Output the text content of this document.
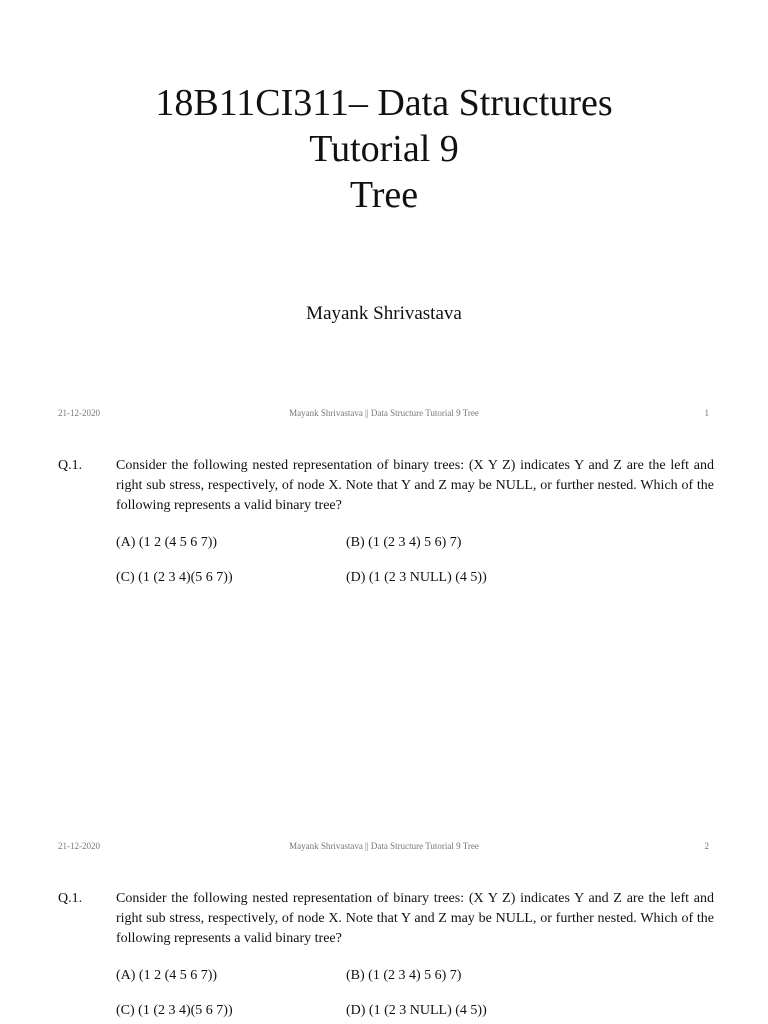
18B11CI311– Data Structures
Tutorial 9
Tree
Mayank Shrivastava
21-12-2020	Mayank Shrivastava || Data Structure Tutorial 9 Tree	1
Q.1. Consider the following nested representation of binary trees: (X Y Z) indicates Y and Z are the left and right sub stress, respectively, of node X. Note that Y and Z may be NULL, or further nested. Which of the following represents a valid binary tree?
(A) (1 2 (4 5 6 7))	(B) (1 (2 3 4) 5 6) 7)
(C) (1 (2 3 4)(5 6 7))	(D) (1 (2 3 NULL) (4 5))
21-12-2020	Mayank Shrivastava || Data Structure Tutorial 9 Tree	2
Q.1. Consider the following nested representation of binary trees: (X Y Z) indicates Y and Z are the left and right sub stress, respectively, of node X. Note that Y and Z may be NULL, or further nested. Which of the following represents a valid binary tree?
(A) (1 2 (4 5 6 7))	(B) (1 (2 3 4) 5 6) 7)
(C) (1 (2 3 4)(5 6 7))	(D) (1 (2 3 NULL) (4 5))
